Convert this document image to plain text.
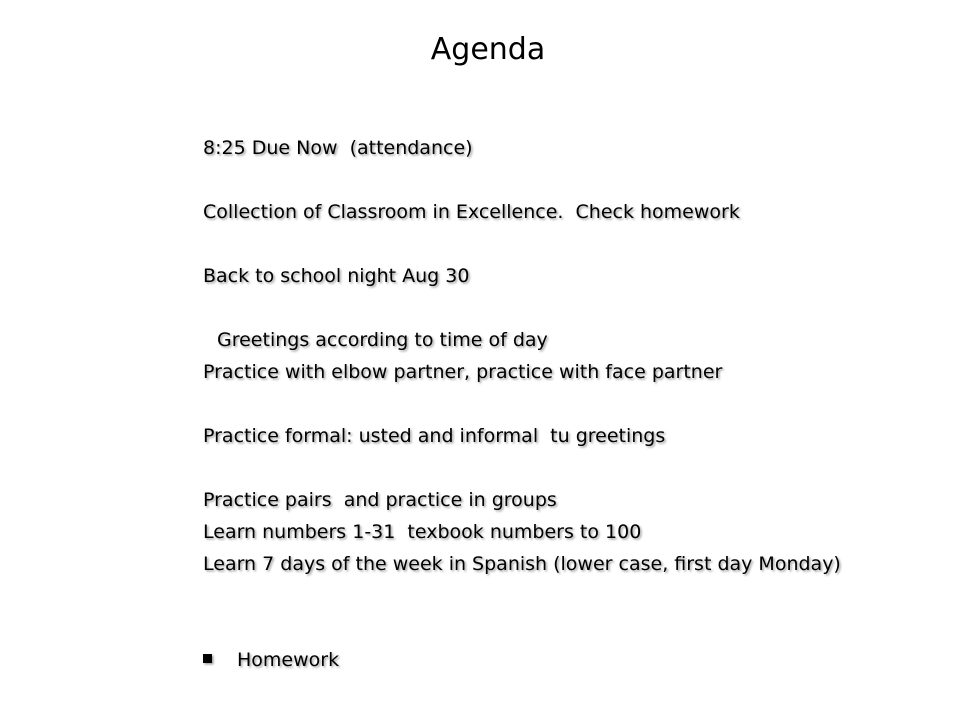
Agenda
8:25 Due Now  (attendance)
Collection of Classroom in Excellence.  Check homework
Back to school night Aug 30
Greetings according to time of day
Practice with elbow partner, practice with face partner
Practice formal: usted and informal  tu greetings
Practice pairs  and practice in groups
Learn numbers 1-31  texbook numbers to 100
Learn 7 days of the week in Spanish (lower case, first day Monday)
Homework
